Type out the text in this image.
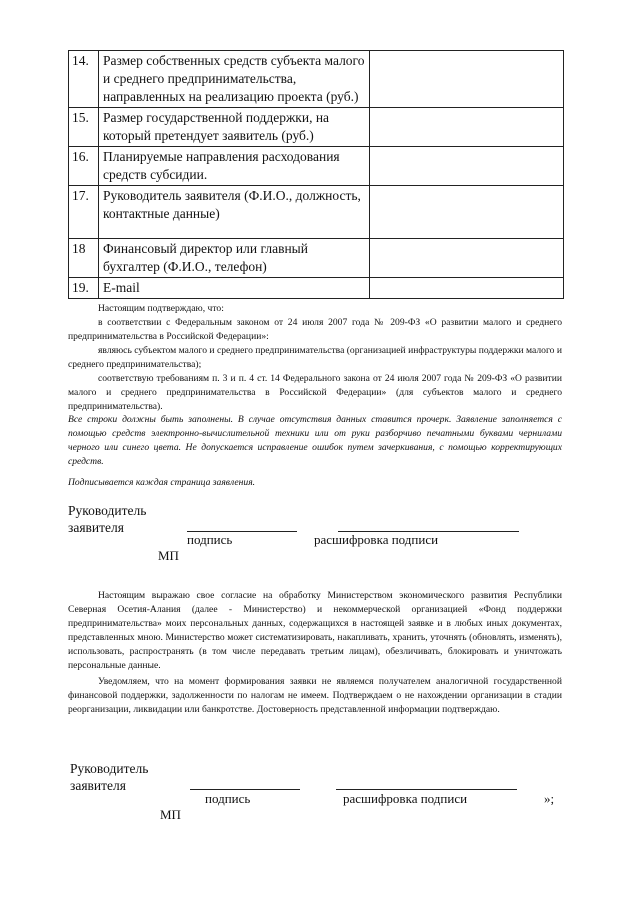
14.	Размер собственных средств субъекта малого и среднего предпринимательства, направленных на реализацию проекта (руб.)	
15.	Размер государственной поддержки, на который претендует заявитель (руб.)	
16.	Планируемые направления расходования средств субсидии.	
17.	Руководитель заявителя (Ф.И.О., должность, контактные данные)	
18	Финансовый директор или главный бухгалтер (Ф.И.О., телефон)	
19.	E-mail	

Настоящим подтверждаю, что:

в соответствии с Федеральным законом от 24 июля 2007 года № 209-ФЗ «О развитии малого и среднего предпринимательства в Российской Федерации»:

являюсь субъектом малого и среднего предпринимательства (организацией инфраструктуры поддержки малого и среднего предпринимательства);

соответствую требованиям п. 3 и п. 4 ст. 14 Федерального закона от 24 июля 2007 года № 209-ФЗ «О развитии малого и среднего предпринимательства в Российской Федерации» (для субъектов малого и среднего предпринимательства).

Все строки должны быть заполнены. В случае отсутствия данных ставится прочерк. Заявление заполняется с помощью средств электронно-вычислительной техники или от руки разборчиво печатными буквами чернилами черного или синего цвета. Не допускается исправление ошибок путем зачеркивания, с помощью корректирующих средств.

Подписывается каждая страница заявления.

Руководитель
заявителя
подпись	расшифровка подписи
МП

Настоящим выражаю свое согласие на обработку Министерством экономического развития Республики Северная Осетия-Алания (далее - Министерство) и некоммерческой организацией «Фонд поддержки предпринимательства» моих персональных данных, содержащихся в настоящей заявке и в любых иных документах, представленных мною. Министерство может систематизировать, накапливать, хранить, уточнять (обновлять, изменять), использовать, распространять (в том числе передавать третьим лицам), обезличивать, блокировать и уничтожать персональные данные.

Уведомляем, что на момент формирования заявки не являемся получателем аналогичной государственной финансовой поддержки, задолженности по налогам не имеем. Подтверждаем о не нахождении организации в стадии реорганизации, ликвидации или банкротстве. Достоверность представленной информации подтверждаю.

Руководитель
заявителя
подпись	расшифровка подписи	»;
МП
